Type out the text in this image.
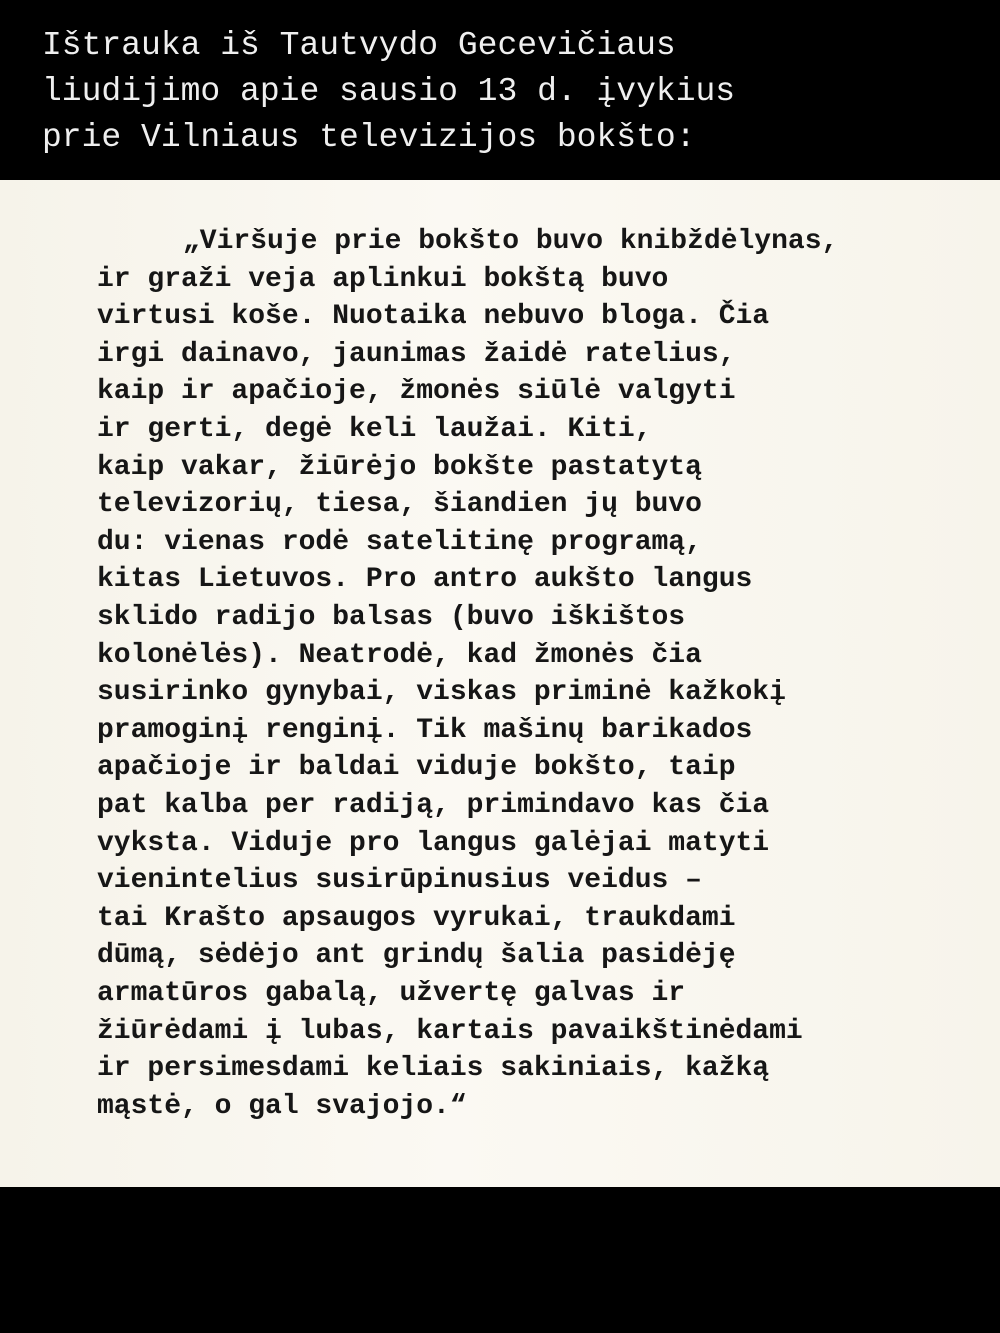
Ištrauka iš Tautvydo Gecevičiaus

liudijimo apie sausio 13 d. įvykius

prie Vilniaus televizijos bokšto:

„Viršuje prie bokšto buvo knibždėlynas,

ir graži veja aplinkui bokštą buvo

virtusi koše. Nuotaika nebuvo bloga. Čia

irgi dainavo, jaunimas žaidė ratelius,

kaip ir apačioje, žmonės siūlė valgyti

ir gerti, degė keli laužai. Kiti,

kaip vakar, žiūrėjo bokšte pastatytą

televizorių, tiesa, šiandien jų buvo

du: vienas rodė satelitinę programą,

kitas Lietuvos. Pro antro aukšto langus

sklido radijo balsas (buvo iškištos

kolonėlės). Neatrodė, kad žmonės čia

susirinko gynybai, viskas priminė kažkokį

pramoginį renginį. Tik mašinų barikados

apačioje ir baldai viduje bokšto, taip

pat kalba per radiją, primindavo kas čia

vyksta. Viduje pro langus galėjai matyti

vienintelius susirūpinusius veidus –

tai Krašto apsaugos vyrukai, traukdami

dūmą, sėdėjo ant grindų šalia pasidėję

armatūros gabalą, užvertę galvas ir

žiūrėdami į lubas, kartais pavaikštinėdami

ir persimesdami keliais sakiniais, kažką

mąstė, o gal svajojo.“
